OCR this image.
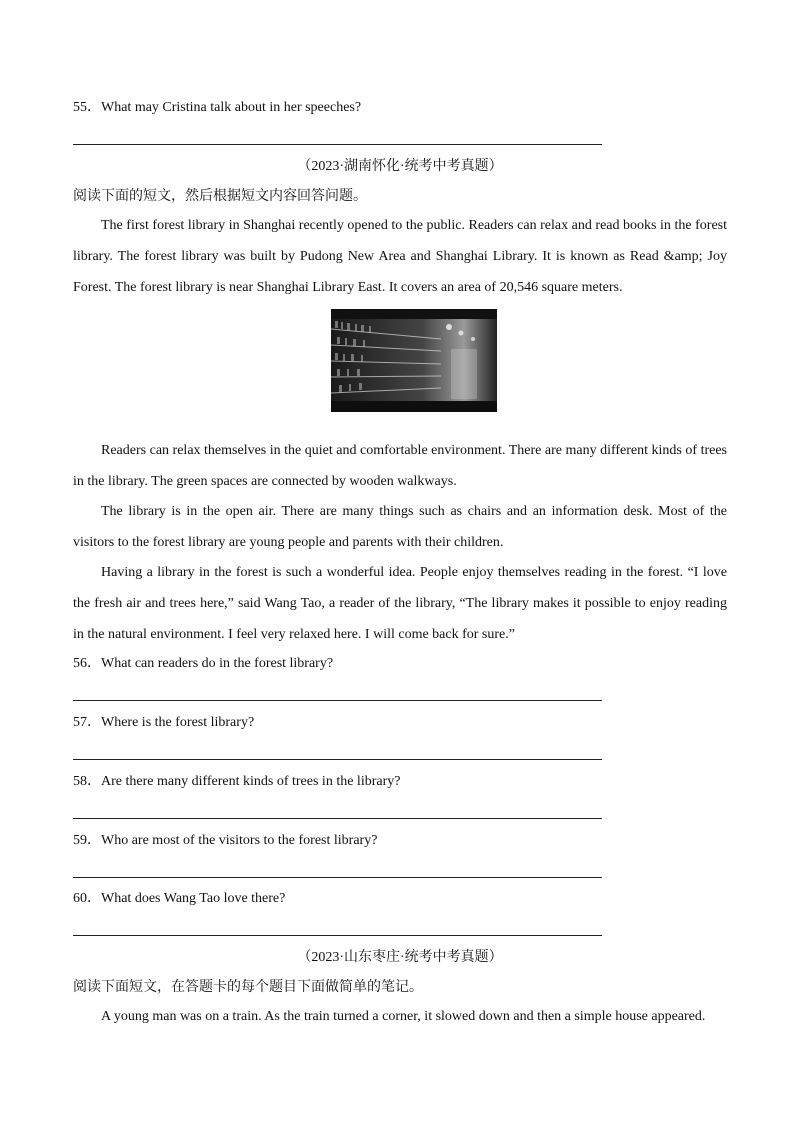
55．What may Cristina talk about in her speeches?
（2023·湖南怀化·统考中考真题）
阅读下面的短文，然后根据短文内容回答问题。

The first forest library in Shanghai recently opened to the public. Readers can relax and read books in the forest library. The forest library was built by Pudong New Area and Shanghai Library. It is known as Read &amp; Joy Forest. The forest library is near Shanghai Library East. It covers an area of 20,546 square meters.

Readers can relax themselves in the quiet and comfortable environment. There are many different kinds of trees in the library. The green spaces are connected by wooden walkways.

The library is in the open air. There are many things such as chairs and an information desk. Most of the visitors to the forest library are young people and parents with their children.

Having a library in the forest is such a wonderful idea. People enjoy themselves reading in the forest. “I love the fresh air and trees here,” said Wang Tao, a reader of the library, “The library makes it possible to enjoy reading in the natural environment. I feel very relaxed here. I will come back for sure.”

56．What can readers do in the forest library?
57．Where is the forest library?
58．Are there many different kinds of trees in the library?
59．Who are most of the visitors to the forest library?
60．What does Wang Tao love there?
（2023·山东枣庄·统考中考真题）
阅读下面短文，在答题卡的每个题目下面做简单的笔记。

A young man was on a train. As the train turned a corner, it slowed down and then a simple house appeared.
